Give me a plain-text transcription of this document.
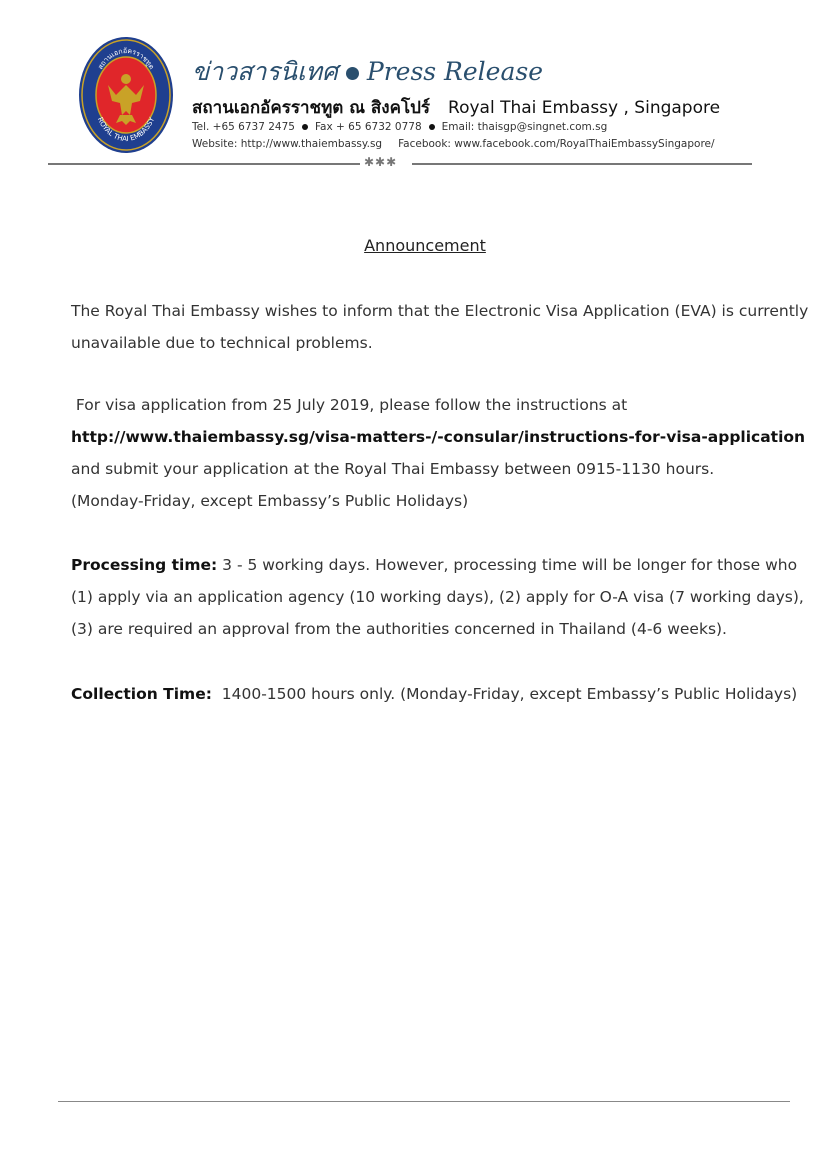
สถานเอกอัครราชทูต
ROYAL THAI EMBASSY
ข่าวสารนิเทศ Press Release
สถานเอกอัครราชทูต ณ สิงคโปร์ Royal Thai Embassy , Singapore
Tel. +65 6737 2475 Fax + 65 6732 0778 Email: thaisgp@singnet.com.sg
Website: http://www.thaiembassy.sg Facebook: www.facebook.com/RoyalThaiEmbassySingapore/
✱✱✱
Announcement
The Royal Thai Embassy wishes to inform that the Electronic Visa Application (EVA) is currently
unavailable due to technical problems.
For visa application from 25 July 2019, please follow the instructions at
http://www.thaiembassy.sg/visa-matters-/-consular/instructions-for-visa-application
and submit your application at the Royal Thai Embassy between 0915-1130 hours.
(Monday-Friday, except Embassy’s Public Holidays)
Processing time: 3 - 5 working days. However, processing time will be longer for those who
(1) apply via an application agency (10 working days), (2) apply for O-A visa (7 working days),
(3) are required an approval from the authorities concerned in Thailand (4-6 weeks).
Collection Time:  1400-1500 hours only. (Monday-Friday, except Embassy’s Public Holidays)
